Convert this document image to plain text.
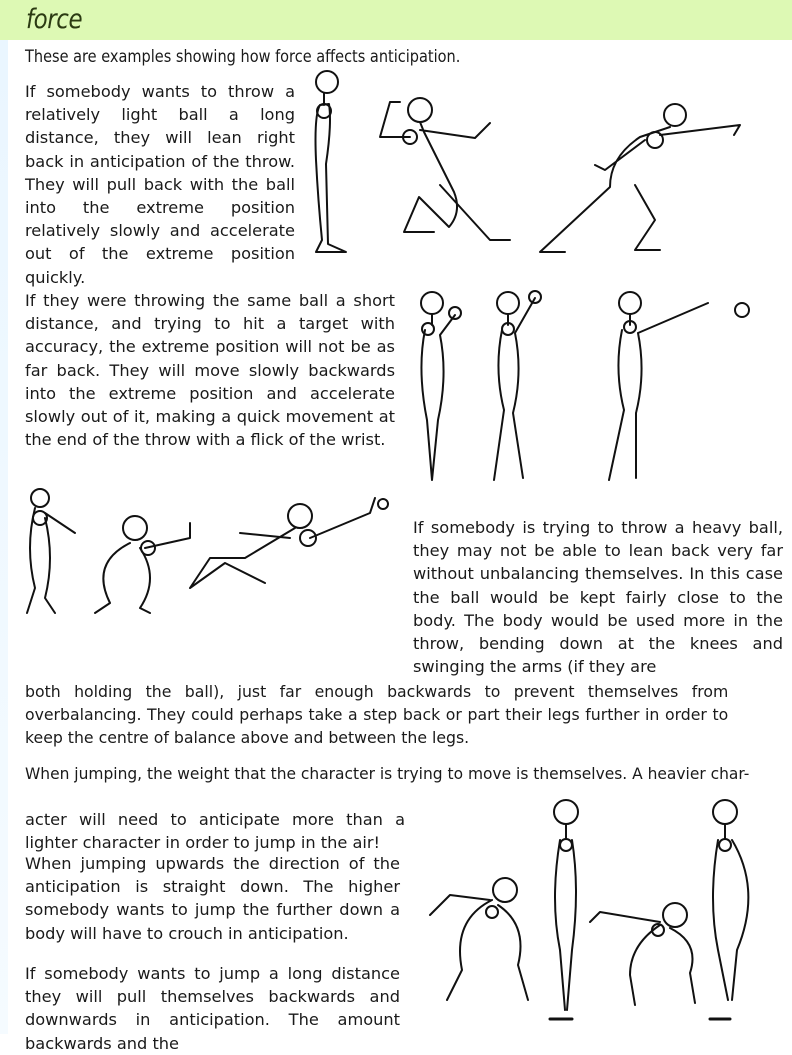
force
These are examples showing how force affects anticipation.
If somebody wants to throw a relatively light ball a long distance, they will lean right back in anticipation of the throw. They will pull back with the ball into the extreme position relatively slowly and accelerate out of the extreme position quickly.
If they were throwing the same ball a short distance, and trying to hit a target with accuracy, the extreme position will not be as far back. They will move slowly backwards into the extreme position and accelerate slowly out of it, making a quick movement at the end of the throw with a flick of the wrist.
If somebody is trying to throw a heavy ball, they may not be able to lean back very far without unbalancing themselves. In this case the ball would be kept fairly close to the body. The body would be used more in the throw, bending down at the knees and swinging the arms (if they are
both holding the ball), just far enough backwards to prevent themselves from overbalancing. They could perhaps take a step back or part their legs further in order to keep the centre of balance above and between the legs.
When jumping, the weight that the character is trying to move is themselves. A heavier char-
acter will need to anticipate more than a lighter character in order to jump in the air!
When jumping upwards the direction of the anticipation is straight down. The higher somebody wants to jump the further down a body will have to crouch in anticipation.
If somebody wants to jump a long distance they will pull themselves backwards and downwards in anticipation. The amount backwards and the
